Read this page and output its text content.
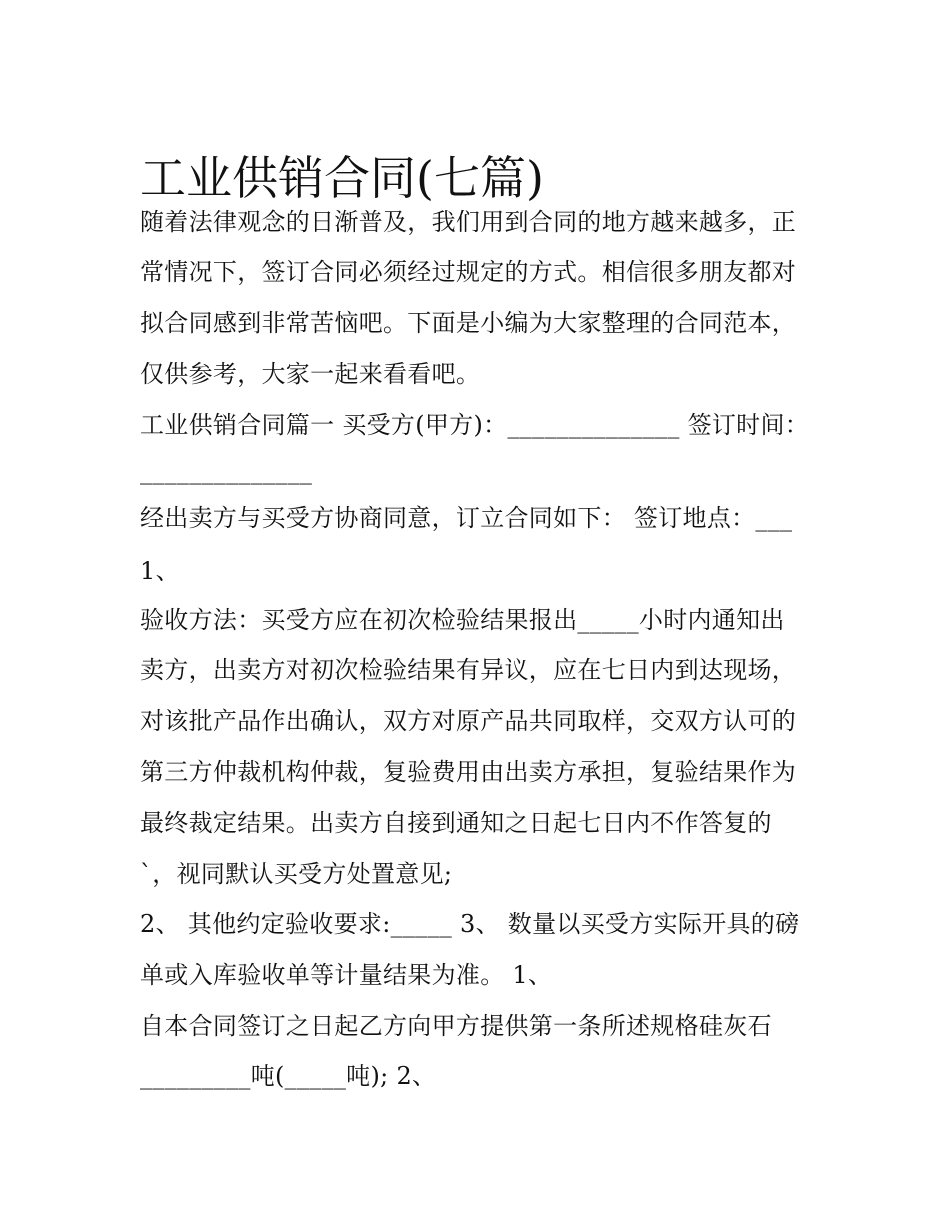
工业供销合同(七篇)
随着法律观念的日渐普及，我们用到合同的地方越来越多，正
常情况下，签订合同必须经过规定的方式。相信很多朋友都对
拟合同感到非常苦恼吧。下面是小编为大家整理的合同范本，
仅供参考，大家一起来看看吧。
工业供销合同篇一 买受方(甲方)：______________ 签订时间：
______________
经出卖方与买受方协商同意，订立合同如下： 签订地点：___
1、
验收方法：买受方应在初次检验结果报出_____小时内通知出
卖方，出卖方对初次检验结果有异议，应在七日内到达现场，
对该批产品作出确认，双方对原产品共同取样，交双方认可的
第三方仲裁机构仲裁，复验费用由出卖方承担，复验结果作为
最终裁定结果。出卖方自接到通知之日起七日内不作答复的
`，视同默认买受方处置意见;
2、 其他约定验收要求:_____ 3、 数量以买受方实际开具的磅
单或入库验收单等计量结果为准。 1、
自本合同签订之日起乙方向甲方提供第一条所述规格硅灰石
_________吨(_____吨); 2、
